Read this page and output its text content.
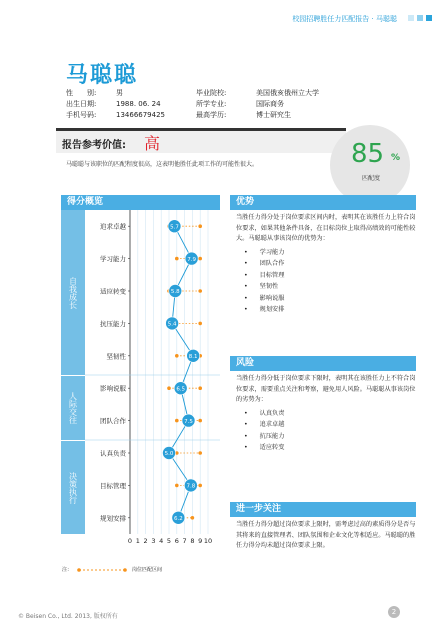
校园招聘胜任力匹配报告 · 马聪聪
马聪聪
性　　别:	男	毕业院校:	美国俄亥俄州立大学
出生日期:	1988. 06. 24	所学专业:	国际商务
手机号码:	13466679425	最高学历:	博士研究生
报告参考价值: 高
马聪聪与该职位的匹配程度很高，这表明他胜任此项工作的可能性很大。	85 %
匹配度
得分概览
自我成长
人际交往
决策执行
追求卓越
学习能力
适应转变
抗压能力
坚韧性
影响说服
团队合作
认真负责
目标管理
规划安排
5.7
7.9
5.8
5.4
8.1
6.5
7.5
5.0
7.8
6.2
0 1 2 3 4 5 6 7 8 9 10
注：	岗位匹配区间
优势
当胜任力得分处于岗位要求区间内时，表明其在该胜任力上符合岗位要求，如果其他条件具备，在目标岗位上取得高绩效的可能性较大。马聪聪从事该岗位的优势为：
• 学习能力
• 团队合作
• 目标管理
• 坚韧性
• 影响说服
• 规划安排
风险
当胜任力得分低于岗位要求下限时，表明其在该胜任力上不符合岗位要求，需要重点关注和考察，避免用人风险。马聪聪从事该岗位的劣势为：
• 认真负责
• 追求卓越
• 抗压能力
• 适应转变
进一步关注
当胜任力得分超过岗位要求上限时，需考虑过高的素质得分是否与其将来的直接管理者、团队氛围和企业文化等相适应。马聪聪的胜任力得分均未超过岗位要求上限。
© Beisen Co., Ltd. 2013, 版权所有
2
